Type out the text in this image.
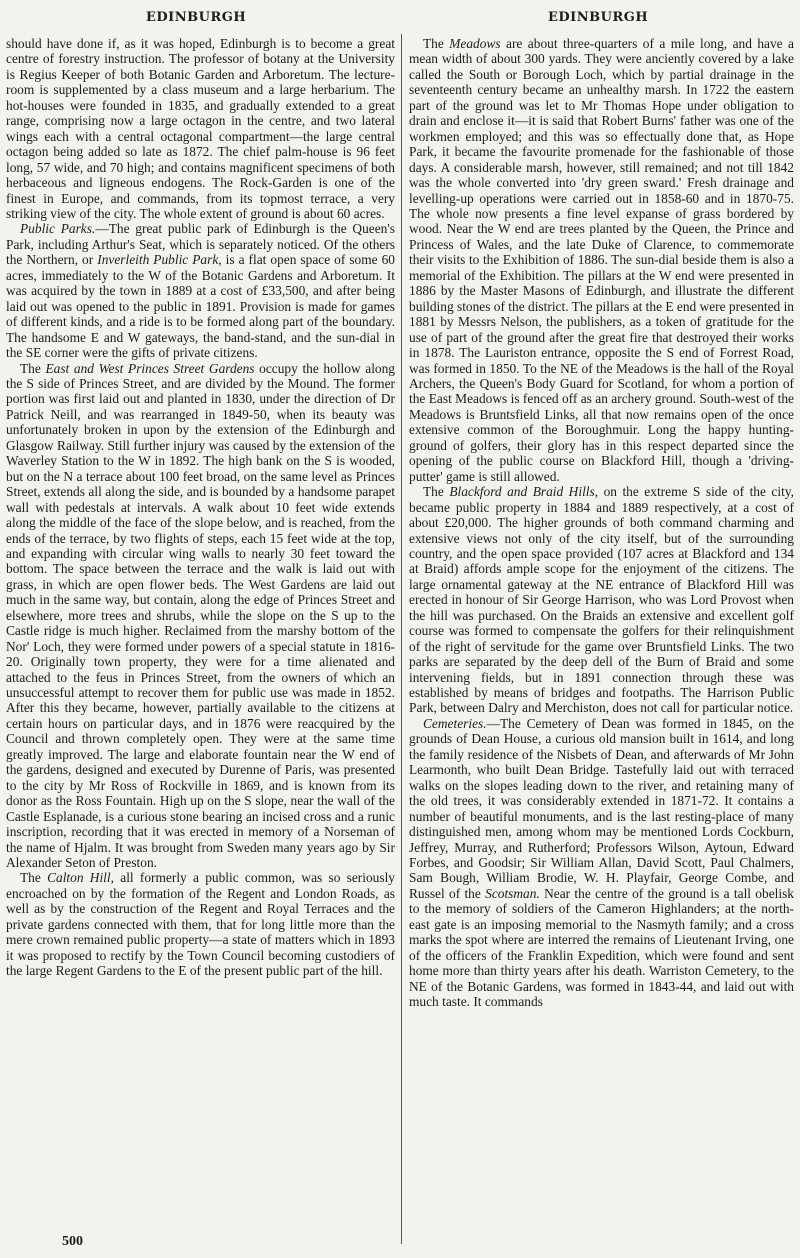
EDINBURGH	EDINBURGH

should have done if, as it was hoped, Edinburgh is to become a great centre of forestry instruction. The professor of botany at the University is Regius Keeper of both Botanic Garden and Arboretum. The lecture-room is supplemented by a class museum and a large herbarium. The hot-houses were founded in 1835, and gradually extended to a great range, comprising now a large octagon in the centre, and two lateral wings each with a central octagonal compartment—the large central octagon being added so late as 1872. The chief palm-house is 96 feet long, 57 wide, and 70 high; and contains magnificent specimens of both herbaceous and ligneous endogens. The Rock-Garden is one of the finest in Europe, and commands, from its topmost terrace, a very striking view of the city. The whole extent of ground is about 60 acres.

Public Parks.—The great public park of Edinburgh is the Queen's Park, including Arthur's Seat, which is separately noticed. Of the others the Northern, or Inverleith Public Park, is a flat open space of some 60 acres, immediately to the W of the Botanic Gardens and Arboretum. It was acquired by the town in 1889 at a cost of £33,500, and after being laid out was opened to the public in 1891. Provision is made for games of different kinds, and a ride is to be formed along part of the boundary. The handsome E and W gateways, the band-stand, and the sun-dial in the SE corner were the gifts of private citizens.

The East and West Princes Street Gardens occupy the hollow along the S side of Princes Street, and are divided by the Mound. The former portion was first laid out and planted in 1830, under the direction of Dr Patrick Neill, and was rearranged in 1849-50, when its beauty was unfortunately broken in upon by the extension of the Edinburgh and Glasgow Railway. Still further injury was caused by the extension of the Waverley Station to the W in 1892. The high bank on the S is wooded, but on the N a terrace about 100 feet broad, on the same level as Princes Street, extends all along the side, and is bounded by a handsome parapet wall with pedestals at intervals. A walk about 10 feet wide extends along the middle of the face of the slope below, and is reached, from the ends of the terrace, by two flights of steps, each 15 feet wide at the top, and expanding with circular wing walls to nearly 30 feet toward the bottom. The space between the terrace and the walk is laid out with grass, in which are open flower beds. The West Gardens are laid out much in the same way, but contain, along the edge of Princes Street and elsewhere, more trees and shrubs, while the slope on the S up to the Castle ridge is much higher. Reclaimed from the marshy bottom of the Nor' Loch, they were formed under powers of a special statute in 1816-20. Originally town property, they were for a time alienated and attached to the feus in Princes Street, from the owners of which an unsuccessful attempt to recover them for public use was made in 1852. After this they became, however, partially available to the citizens at certain hours on particular days, and in 1876 were reacquired by the Council and thrown completely open. They were at the same time greatly improved. The large and elaborate fountain near the W end of the gardens, designed and executed by Durenne of Paris, was presented to the city by Mr Ross of Rockville in 1869, and is known from its donor as the Ross Fountain. High up on the S slope, near the wall of the Castle Esplanade, is a curious stone bearing an incised cross and a runic inscription, recording that it was erected in memory of a Norseman of the name of Hjalm. It was brought from Sweden many years ago by Sir Alexander Seton of Preston.

The Calton Hill, all formerly a public common, was so seriously encroached on by the formation of the Regent and London Roads, as well as by the construction of the Regent and Royal Terraces and the private gardens connected with them, that for long little more than the mere crown remained public property—a state of matters which in 1893 it was proposed to rectify by the Town Council becoming custodiers of the large Regent Gardens to the E of the present public part of the hill.

The Meadows are about three-quarters of a mile long, and have a mean width of about 300 yards. They were anciently covered by a lake called the South or Borough Loch, which by partial drainage in the seventeenth century became an unhealthy marsh. In 1722 the eastern part of the ground was let to Mr Thomas Hope under obligation to drain and enclose it—it is said that Robert Burns' father was one of the workmen employed; and this was so effectually done that, as Hope Park, it became the favourite promenade for the fashionable of those days. A considerable marsh, however, still remained; and not till 1842 was the whole converted into 'dry green sward.' Fresh drainage and levelling-up operations were carried out in 1858-60 and in 1870-75. The whole now presents a fine level expanse of grass bordered by wood. Near the W end are trees planted by the Queen, the Prince and Princess of Wales, and the late Duke of Clarence, to commemorate their visits to the Exhibition of 1886. The sun-dial beside them is also a memorial of the Exhibition. The pillars at the W end were presented in 1886 by the Master Masons of Edinburgh, and illustrate the different building stones of the district. The pillars at the E end were presented in 1881 by Messrs Nelson, the publishers, as a token of gratitude for the use of part of the ground after the great fire that destroyed their works in 1878. The Lauriston entrance, opposite the S end of Forrest Road, was formed in 1850. To the NE of the Meadows is the hall of the Royal Archers, the Queen's Body Guard for Scotland, for whom a portion of the East Meadows is fenced off as an archery ground. South-west of the Meadows is Bruntsfield Links, all that now remains open of the once extensive common of the Boroughmuir. Long the happy hunting-ground of golfers, their glory has in this respect departed since the opening of the public course on Blackford Hill, though a 'driving-putter' game is still allowed.

The Blackford and Braid Hills, on the extreme S side of the city, became public property in 1884 and 1889 respectively, at a cost of about £20,000. The higher grounds of both command charming and extensive views not only of the city itself, but of the surrounding country, and the open space provided (107 acres at Blackford and 134 at Braid) affords ample scope for the enjoyment of the citizens. The large ornamental gateway at the NE entrance of Blackford Hill was erected in honour of Sir George Harrison, who was Lord Provost when the hill was purchased. On the Braids an extensive and excellent golf course was formed to compensate the golfers for their relinquishment of the right of servitude for the game over Bruntsfield Links. The two parks are separated by the deep dell of the Burn of Braid and some intervening fields, but in 1891 connection through these was established by means of bridges and footpaths. The Harrison Public Park, between Dalry and Merchiston, does not call for particular notice.

Cemeteries.—The Cemetery of Dean was formed in 1845, on the grounds of Dean House, a curious old mansion built in 1614, and long the family residence of the Nisbets of Dean, and afterwards of Mr John Learmonth, who built Dean Bridge. Tastefully laid out with terraced walks on the slopes leading down to the river, and retaining many of the old trees, it was considerably extended in 1871-72. It contains a number of beautiful monuments, and is the last resting-place of many distinguished men, among whom may be mentioned Lords Cockburn, Jeffrey, Murray, and Rutherford; Professors Wilson, Aytoun, Edward Forbes, and Goodsir; Sir William Allan, David Scott, Paul Chalmers, Sam Bough, William Brodie, W. H. Playfair, George Combe, and Russel of the Scotsman. Near the centre of the ground is a tall obelisk to the memory of soldiers of the Cameron Highlanders; at the north-east gate is an imposing memorial to the Nasmyth family; and a cross marks the spot where are interred the remains of Lieutenant Irving, one of the officers of the Franklin Expedition, which were found and sent home more than thirty years after his death. Warriston Cemetery, to the NE of the Botanic Gardens, was formed in 1843-44, and laid out with much taste. It commands

500
